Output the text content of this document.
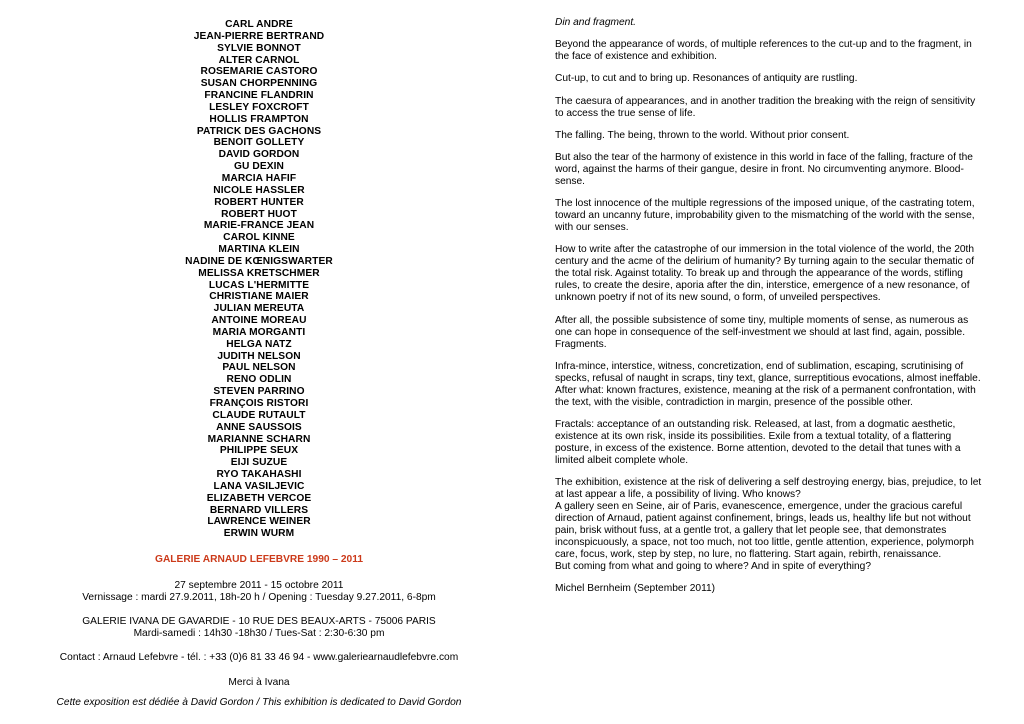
CARL ANDRE
JEAN-PIERRE BERTRAND
SYLVIE BONNOT
ALTER CARNOL
ROSEMARIE CASTORO
SUSAN CHORPENNING
FRANCINE FLANDRIN
LESLEY FOXCROFT
HOLLIS FRAMPTON
PATRICK DES GACHONS
BENOIT GOLLETY
DAVID GORDON
GU DEXIN
MARCIA HAFIF
NICOLE HASSLER
ROBERT HUNTER
ROBERT HUOT
MARIE-FRANCE JEAN
CAROL KINNE
MARTINA KLEIN
NADINE DE KŒNIGSWARTER
MELISSA KRETSCHMER
LUCAS L'HERMITTE
CHRISTIANE MAIER
JULIAN MEREUTA
ANTOINE MOREAU
MARIA MORGANTI
HELGA NATZ
JUDITH NELSON
PAUL NELSON
RENO ODLIN
STEVEN PARRINO
FRANÇOIS RISTORI
CLAUDE RUTAULT
ANNE SAUSSOIS
MARIANNE SCHARN
PHILIPPE SEUX
EIJI SUZUE
RYO TAKAHASHI
LANA VASILJEVIC
ELIZABETH VERCOE
BERNARD VILLERS
LAWRENCE WEINER
ERWIN WURM
GALERIE ARNAUD LEFEBVRE 1990 – 2011
27 septembre 2011 - 15 octobre 2011
Vernissage : mardi 27.9.2011, 18h-20 h / Opening : Tuesday 9.27.2011, 6-8pm
GALERIE IVANA DE GAVARDIE - 10 RUE DES BEAUX-ARTS - 75006 PARIS
Mardi-samedi : 14h30 -18h30 / Tues-Sat : 2:30-6:30 pm
Contact : Arnaud Lefebvre - tél. : +33 (0)6 81 33 46 94 - www.galeriearnaudlefebvre.com
Merci à Ivana
Cette exposition est dédiée à David Gordon / This exhibition is dedicated to David Gordon

Din and fragment.

Beyond the appearance of words, of multiple references to the cut-up and to the fragment, in the face of existence and exhibition.

Cut-up, to cut and to bring up. Resonances of antiquity are rustling.

The caesura of appearances, and in another tradition the breaking with the reign of sensitivity to access the true sense of life.

The falling. The being, thrown to the world. Without prior consent.

But also the tear of the harmony of existence in this world in face of the falling, fracture of the word, against the harms of their gangue, desire in front. No circumventing anymore. Blood-sense.

The lost innocence of the multiple regressions of the imposed unique, of the castrating totem, toward an uncanny future, improbability given to the mismatching of the world with the sense, with our senses.

How to write after the catastrophe of our immersion in the total violence of the world, the 20th century and the acme of the delirium of humanity? By turning again to the secular thematic of the total risk. Against totality. To break up and through the appearance of the words, stifling rules, to create the desire, aporia after the din, interstice, emergence of a new resonance, of unknown poetry if not of its new sound, o form, of unveiled perspectives.

After all, the possible subsistence of some tiny, multiple moments of sense, as numerous as one can hope in consequence of the self-investment we should at last find, again, possible. Fragments.

Infra-mince, interstice, witness, concretization, end of sublimation, escaping, scrutinising of specks, refusal of naught in scraps, tiny text, glance, surreptitious evocations, almost ineffable. After what: known fractures, existence, meaning at the risk of a permanent confrontation, with the text, with the visible, contradiction in margin, presence of the possible other.

Fractals: acceptance of an outstanding risk. Released, at last, from a dogmatic aesthetic, existence at its own risk, inside its possibilities. Exile from a textual totality, of a flattering posture, in excess of the existence. Borne attention, devoted to the detail that tunes with a limited albeit complete whole.

The exhibition, existence at the risk of delivering a self destroying energy, bias, prejudice, to let at last appear a life, a possibility of living. Who knows?
A gallery seen en Seine, air of Paris, evanescence, emergence, under the gracious careful direction of Arnaud, patient against confinement, brings, leads us, healthy life but not without pain, brisk without fuss, at a gentle trot, a gallery that let people see, that demonstrates inconspicuously, a space, not too much, not too little, gentle attention, experience, polymorph care, focus, work, step by step, no lure, no flattering. Start again, rebirth, renaissance.
But coming from what and going to where? And in spite of everything?

Michel Bernheim (September 2011)
